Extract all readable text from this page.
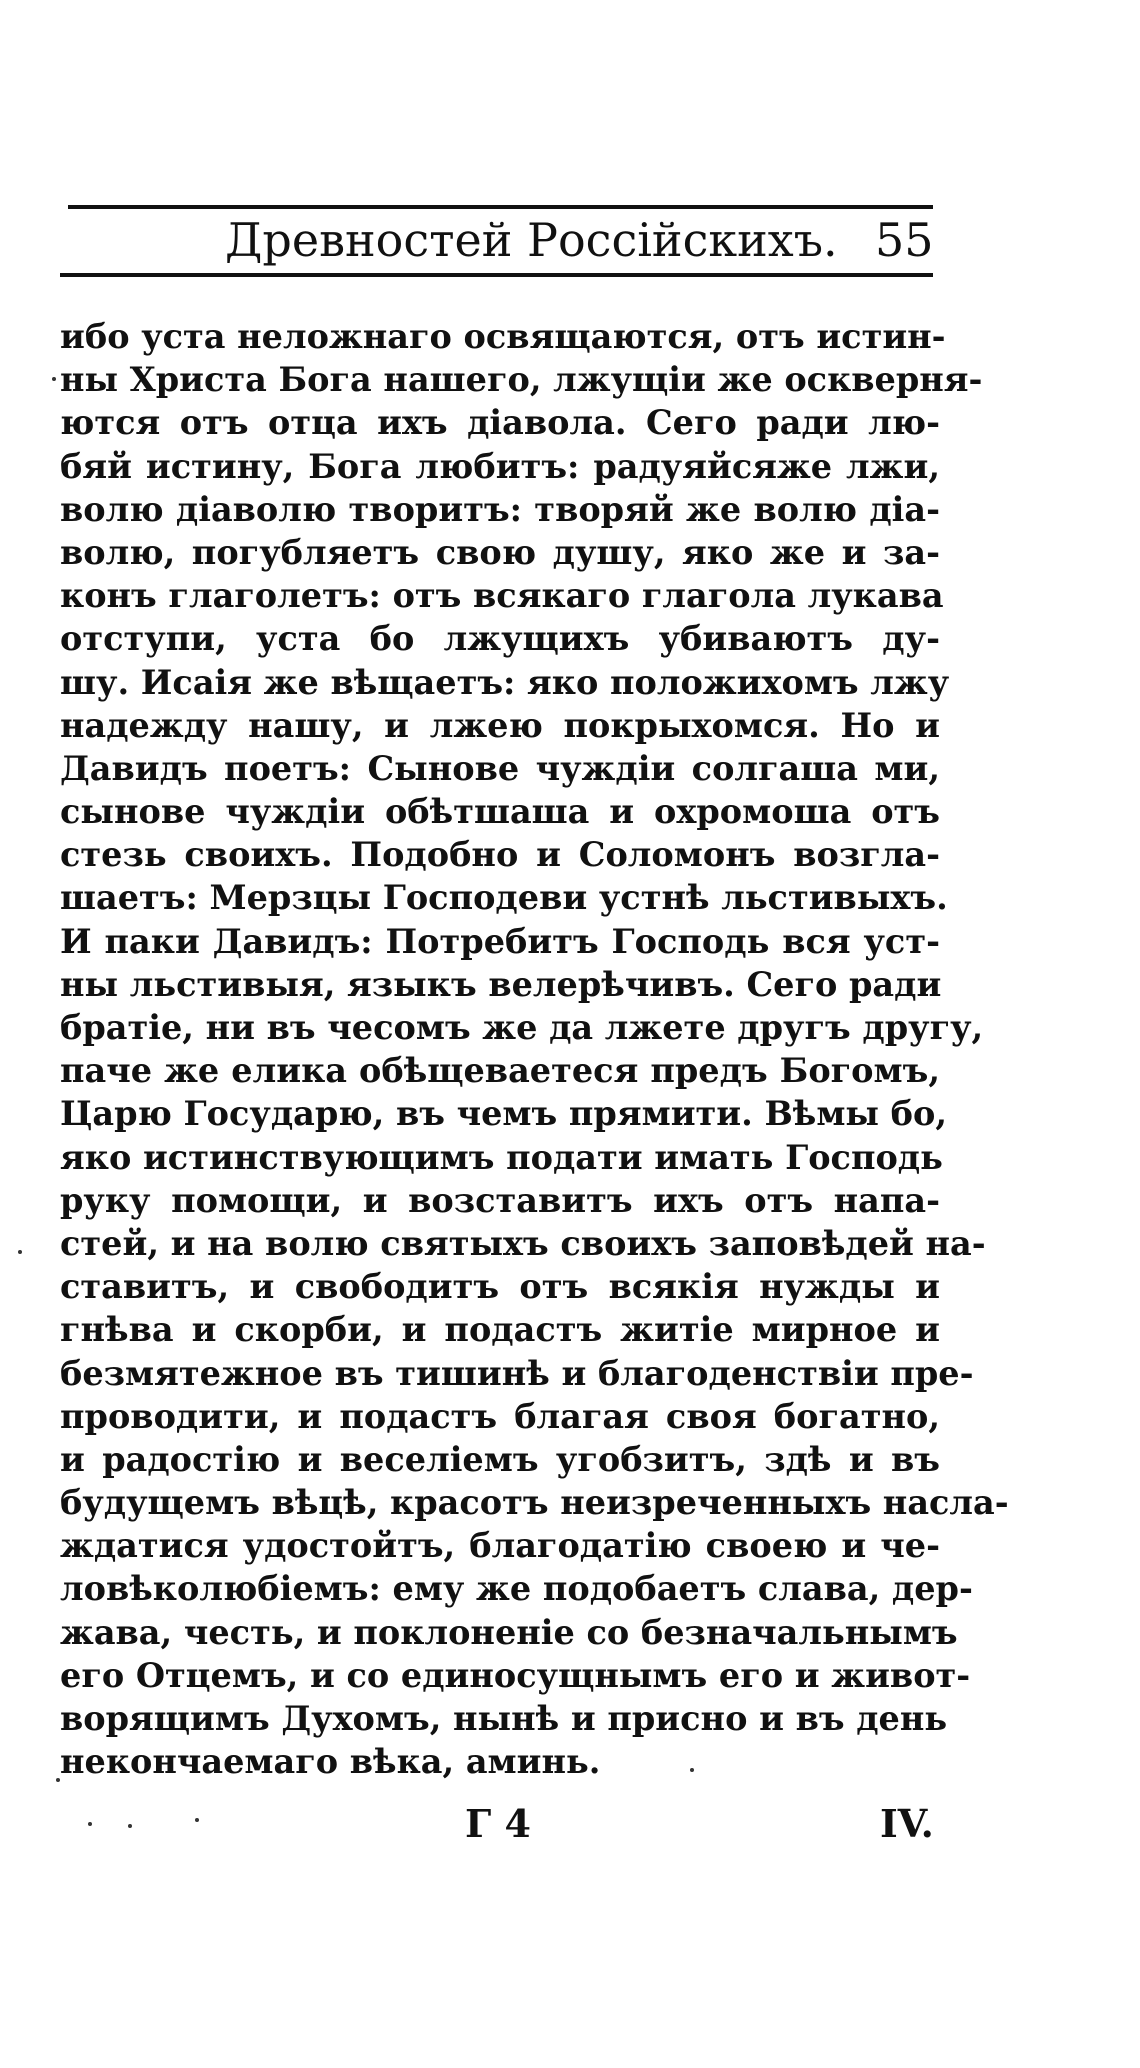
Древностей Россійскихъ. 55
ибо уста неложнаго освящаются, отъ истин-
ны Христа Бога нашего, лжущіи же оскверня-
ются отъ отца ихъ діавола. Сего ради лю-
бяй истину, Бога любитъ: радуяйсяже лжи,
волю діаволю творитъ: творяй же волю діа-
волю, погубляетъ свою душу, яко же и за-
конъ глаголетъ: отъ всякаго глагола лукава
отступи, уста бо лжущихъ убиваютъ ду-
шу. Исаія же вѣщаетъ: яко положихомъ лжу
надежду нашу, и лжею покрыхомся. Но и
Давидъ поетъ: Сынове чуждіи солгаша ми,
сынове чуждіи обѣтшаша и охромоша отъ
стезь своихъ. Подобно и Соломонъ возгла-
шаетъ: Мерзцы Господеви устнѣ льстивыхъ.
И паки Давидъ: Потребитъ Господь вся уст-
ны льстивыя, языкъ велерѣчивъ. Сего ради
братіе, ни въ чесомъ же да лжете другъ другу,
паче же елика обѣщеваетеся предъ Богомъ,
Царю Государю, въ чемъ прямити. Вѣмы бо,
яко истинствующимъ подати имать Господь
руку помощи, и возставитъ ихъ отъ напа-
стей, и на волю святыхъ своихъ заповѣдей на-
ставитъ, и свободитъ отъ всякія нужды и
гнѣва и скорби, и подастъ житіе мирное и
безмятежное въ тишинѣ и благоденствіи пре-
проводити, и подастъ благая своя богатно,
и радостію и веселіемъ угобзитъ, здѣ и въ
будущемъ вѣцѣ, красотъ неизреченныхъ насла-
ждатися удостойтъ, благодатію своею и че-
ловѣколюбіемъ: ему же подобаетъ слава, дер-
жава, честь, и поклоненіе со безначальнымъ
его Отцемъ, и со единосущнымъ его и живот-
ворящимъ Духомъ, нынѣ и присно и въ день
некончаемаго вѣка, аминь.
Г 4	IV.
